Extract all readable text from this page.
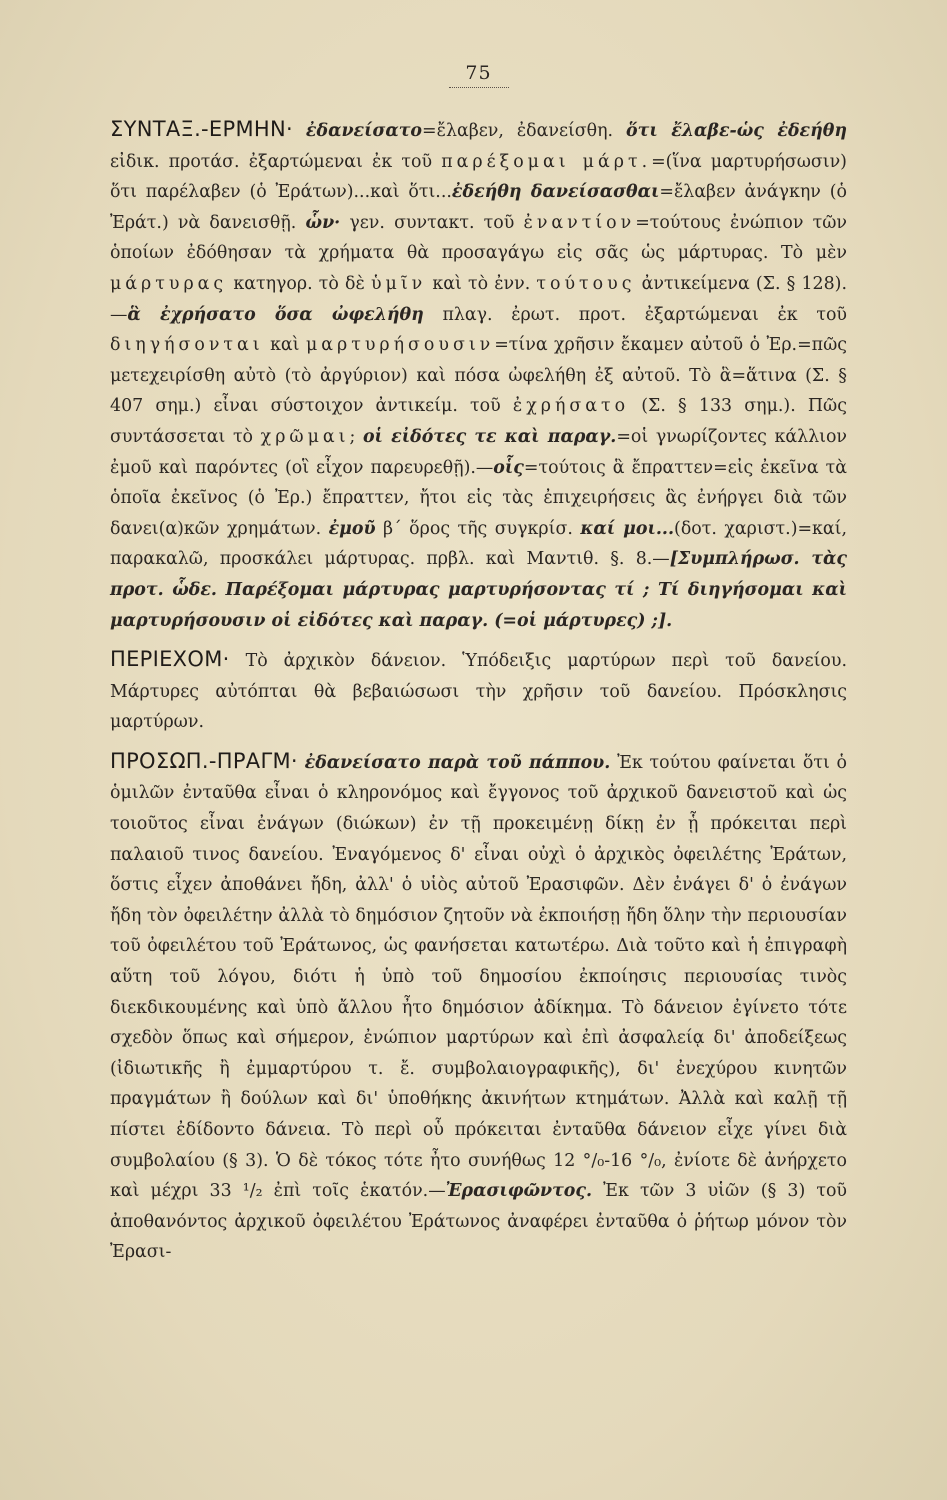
75

ΣΥΝΤΑΞ.-ΕΡΜΗΝ· ἐδανείσατο=ἔλαβεν, ἐδανείσθη. ὅτι ἔλαβε-ὡς ἐδεήθη εἰδικ. προτάσ. ἐξαρτώμεναι ἐκ τοῦ παρέξομαι μάρτ.=(ἵνα μαρτυρήσωσιν) ὅτι παρέλαβεν (ὁ Ἐράτων)...καὶ ὅτι...ἐδεήθη δανείσασθαι=ἔλαβεν ἀνάγκην (ὁ Ἐράτ.) νὰ δανεισθῇ. ὧν· γεν. συντακτ. τοῦ ἐναντίον=τούτους ἐνώπιον τῶν ὁποίων ἐδόθησαν τὰ χρήματα θὰ προσαγάγω εἰς σᾶς ὡς μάρτυρας. Τὸ μὲν μάρτυρας κατηγορ. τὸ δὲ ὑμῖν καὶ τὸ ἐνν. τούτους ἀντικείμενα (Σ. § 128).—ἃ ἐχρήσατο ὅσα ὠφελήθη πλαγ. ἐρωτ. προτ. ἐξαρτώμεναι ἐκ τοῦ διηγήσονται καὶ μαρτυρήσουσιν=τίνα χρῆσιν ἔκαμεν αὐτοῦ ὁ Ἐρ.=πῶς μετεχειρίσθη αὐτὸ (τὸ ἀργύριον) καὶ πόσα ὠφελήθη ἐξ αὐτοῦ. Τὸ ἃ=ἅτινα (Σ. § 407 σημ.) εἶναι σύστοιχον ἀντικείμ. τοῦ ἐχρήσατο (Σ. § 133 σημ.). Πῶς συντάσσεται τὸ χρῶμαι; οἱ εἰδότες τε καὶ παραγ.=οἱ γνωρίζοντες κάλλιον ἐμοῦ καὶ παρόντες (οἳ εἶχον παρευρεθῇ).—οἷς=τούτοις ἃ ἔπραττεν=εἰς ἐκεῖνα τὰ ὁποῖα ἐκεῖνος (ὁ Ἐρ.) ἔπραττεν, ἤτοι εἰς τὰς ἐπιχειρήσεις ἃς ἐνήργει διὰ τῶν δανει(α)κῶν χρημάτων. ἐμοῦ β΄ ὅρος τῆς συγκρίσ. καί μοι...(δοτ. χαριστ.)=καί, παρακαλῶ, προσκάλει μάρτυρας. πρβλ. καὶ Μαντιθ. §. 8.—[Συμπλήρωσ. τὰς προτ. ὧδε. Παρέξομαι μάρτυρας μαρτυρήσοντας τί ; Τί διηγήσομαι καὶ μαρτυρήσουσιν οἱ εἰδότες καὶ παραγ. (=οἱ μάρτυρες) ;].

ΠΕΡΙΕΧΟΜ· Τὸ ἀρχικὸν δάνειον. Ὑπόδειξις μαρτύρων περὶ τοῦ δανείου. Μάρτυρες αὐτόπται θὰ βεβαιώσωσι τὴν χρῆσιν τοῦ δανείου. Πρόσκλησις μαρτύρων.

ΠΡΟΣΩΠ.-ΠΡΑΓΜ· ἐδανείσατο παρὰ τοῦ πάππου. Ἐκ τούτου φαίνεται ὅτι ὁ ὁμιλῶν ἐνταῦθα εἶναι ὁ κληρονόμος καὶ ἔγγονος τοῦ ἀρχικοῦ δανειστοῦ καὶ ὡς τοιοῦτος εἶναι ἐνάγων (διώκων) ἐν τῇ προκειμένῃ δίκῃ ἐν ᾗ πρόκειται περὶ παλαιοῦ τινος δανείου. Ἐναγόμενος δ' εἶναι οὐχὶ ὁ ἀρχικὸς ὀφειλέτης Ἐράτων, ὅστις εἶχεν ἀποθάνει ἤδη, ἀλλ' ὁ υἱὸς αὐτοῦ Ἐρασιφῶν. Δὲν ἐνάγει δ' ὁ ἐνάγων ἤδη τὸν ὀφειλέτην ἀλλὰ τὸ δημόσιον ζητοῦν νὰ ἐκποιήσῃ ἤδη ὅλην τὴν περιουσίαν τοῦ ὀφειλέτου τοῦ Ἐράτωνος, ὡς φανήσεται κατωτέρω. Διὰ τοῦτο καὶ ἡ ἐπιγραφὴ αὕτη τοῦ λόγου, διότι ἡ ὑπὸ τοῦ δημοσίου ἐκποίησις περιουσίας τινὸς διεκδικουμένης καὶ ὑπὸ ἄλλου ἦτο δημόσιον ἀδίκημα. Τὸ δάνειον ἐγίνετο τότε σχεδὸν ὅπως καὶ σήμερον, ἐνώπιον μαρτύρων καὶ ἐπὶ ἀσφαλείᾳ δι' ἀποδείξεως (ἰδιωτικῆς ἢ ἐμμαρτύρου τ. ἔ. συμβολαιογραφικῆς), δι' ἐνεχύρου κινητῶν πραγμάτων ἢ δούλων καὶ δι' ὑποθήκης ἀκινήτων κτημάτων. Ἀλλὰ καὶ καλῇ τῇ πίστει ἐδίδοντο δάνεια. Τὸ περὶ οὗ πρόκειται ἐνταῦθα δάνειον εἶχε γίνει διὰ συμβολαίου (§ 3). Ὁ δὲ τόκος τότε ἦτο συνήθως 12 °/₀-16 °/₀, ἐνίοτε δὲ ἀνήρχετο καὶ μέχρι 33 ¹/₂ ἐπὶ τοῖς ἑκατόν.—Ἐρασιφῶντος. Ἐκ τῶν 3 υἱῶν (§ 3) τοῦ ἀποθανόντος ἀρχικοῦ ὀφειλέτου Ἐράτωνος ἀναφέρει ἐνταῦθα ὁ ῥήτωρ μόνον τὸν Ἐρασι-
